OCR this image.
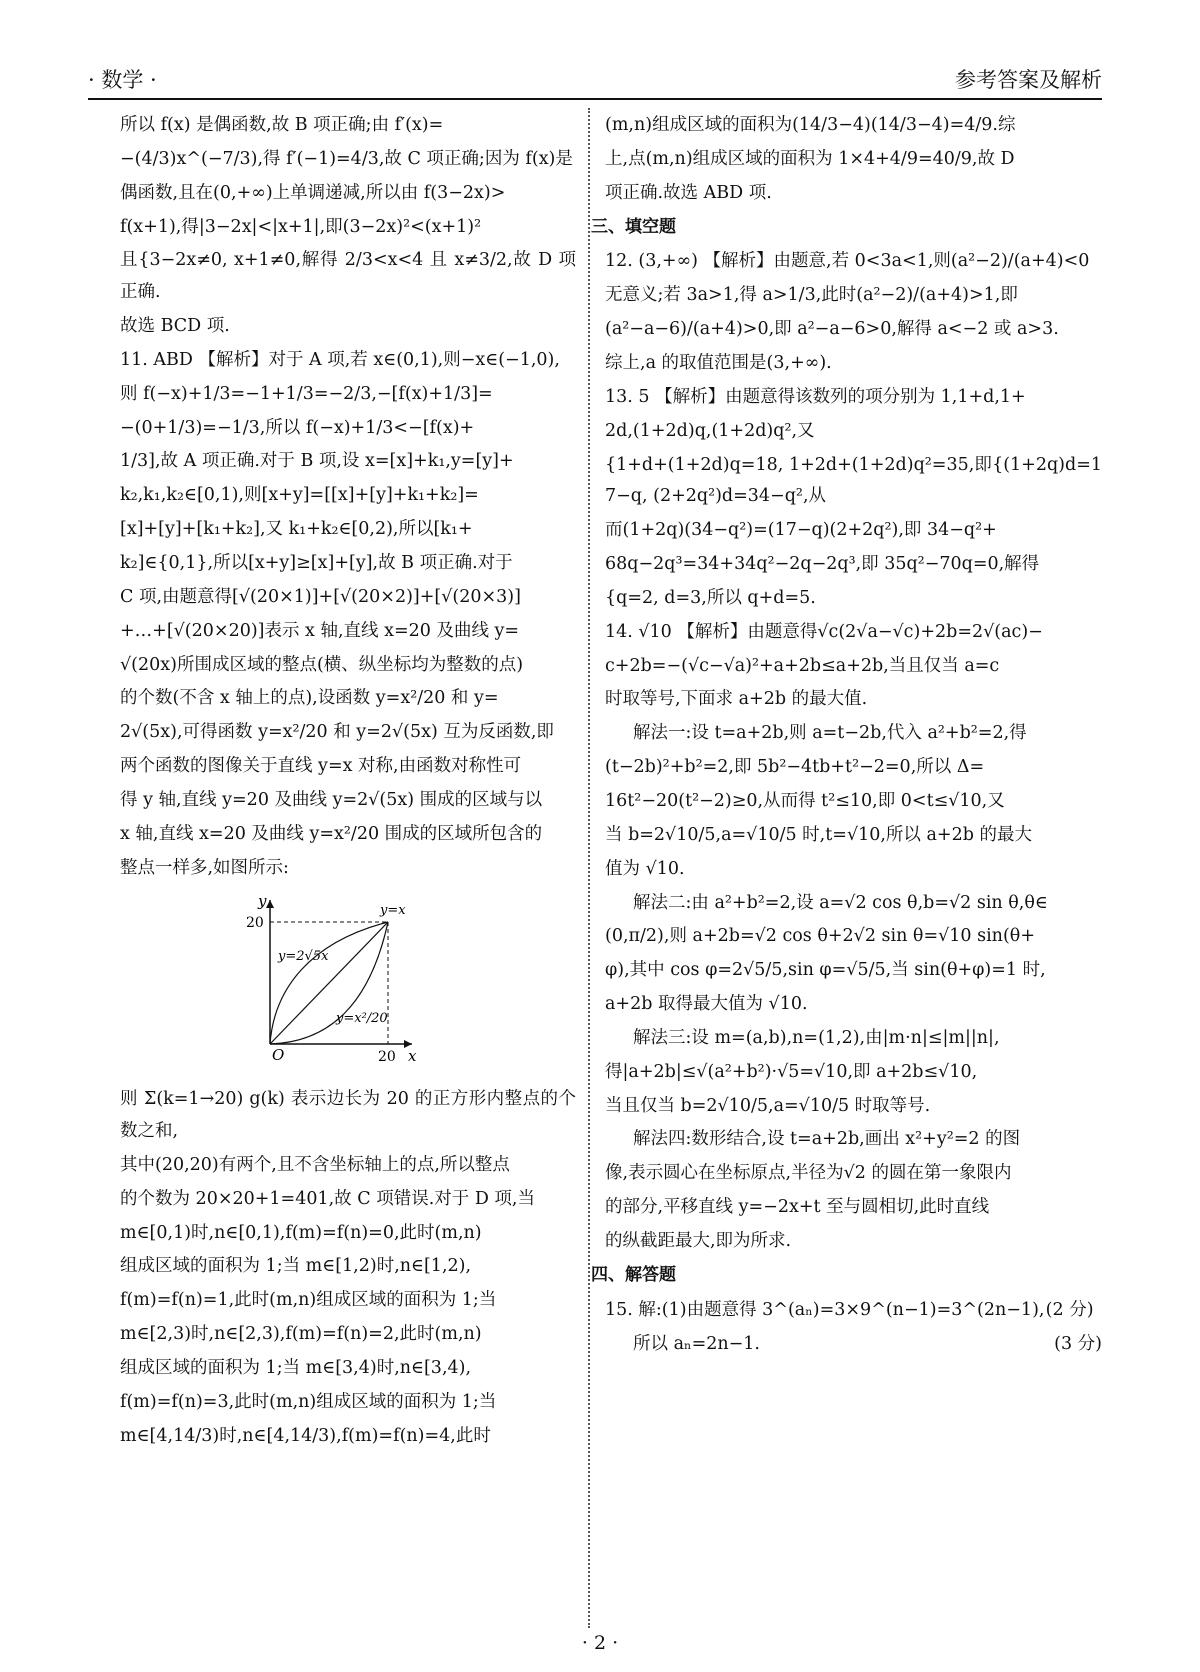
· 数学 ·	参考答案及解析

所以 f(x) 是偶函数,故 B 项正确;由 f′(x)=

−(4/3)x^(−7/3),得 f′(−1)=4/3,故 C 项正确;因为 f(x)是

偶函数,且在(0,+∞)上单调递减,所以由 f(3−2x)>

f(x+1),得|3−2x|<|x+1|,即(3−2x)²<(x+1)²

且{3−2x≠0, x+1≠0,解得 2/3<x<4 且 x≠3/2,故 D 项正确.

故选 BCD 项.

11. ABD 【解析】对于 A 项,若 x∈(0,1),则−x∈(−1,0),

则 f(−x)+1/3=−1+1/3=−2/3,−[f(x)+1/3]=

−(0+1/3)=−1/3,所以 f(−x)+1/3<−[f(x)+

1/3],故 A 项正确.对于 B 项,设 x=[x]+k₁,y=[y]+

k₂,k₁,k₂∈[0,1),则[x+y]=[[x]+[y]+k₁+k₂]=

[x]+[y]+[k₁+k₂],又 k₁+k₂∈[0,2),所以[k₁+

k₂]∈{0,1},所以[x+y]≥[x]+[y],故 B 项正确.对于

C 项,由题意得[√(20×1)]+[√(20×2)]+[√(20×3)]

+…+[√(20×20)]表示 x 轴,直线 x=20 及曲线 y=

√(20x)所围成区域的整点(横、纵坐标均为整数的点)

的个数(不含 x 轴上的点),设函数 y=x²/20 和 y=

2√(5x),可得函数 y=x²/20 和 y=2√(5x) 互为反函数,即

两个函数的图像关于直线 y=x 对称,由函数对称性可

得 y 轴,直线 y=20 及曲线 y=2√(5x) 围成的区域与以

x 轴,直线 x=20 及曲线 y=x²/20 围成的区域所包含的

整点一样多,如图所示:

y
x
O
20
20
y=x
y=2√5x
y=x²/20

则 Σ(k=1→20) g(k) 表示边长为 20 的正方形内整点的个数之和,

其中(20,20)有两个,且不含坐标轴上的点,所以整点

的个数为 20×20+1=401,故 C 项错误.对于 D 项,当

m∈[0,1)时,n∈[0,1),f(m)=f(n)=0,此时(m,n)

组成区域的面积为 1;当 m∈[1,2)时,n∈[1,2),

f(m)=f(n)=1,此时(m,n)组成区域的面积为 1;当

m∈[2,3)时,n∈[2,3),f(m)=f(n)=2,此时(m,n)

组成区域的面积为 1;当 m∈[3,4)时,n∈[3,4),

f(m)=f(n)=3,此时(m,n)组成区域的面积为 1;当

m∈[4,14/3)时,n∈[4,14/3),f(m)=f(n)=4,此时

(m,n)组成区域的面积为(14/3−4)(14/3−4)=4/9.综

上,点(m,n)组成区域的面积为 1×4+4/9=40/9,故 D

项正确.故选 ABD 项.

三、填空题

12. (3,+∞) 【解析】由题意,若 0<3a<1,则(a²−2)/(a+4)<0

无意义;若 3a>1,得 a>1/3,此时(a²−2)/(a+4)>1,即

(a²−a−6)/(a+4)>0,即 a²−a−6>0,解得 a<−2 或 a>3.

综上,a 的取值范围是(3,+∞).

13. 5 【解析】由题意得该数列的项分别为 1,1+d,1+

2d,(1+2d)q,(1+2d)q²,又

{1+d+(1+2d)q=18, 1+2d+(1+2d)q²=35,即{(1+2q)d=17−q, (2+2q²)d=34−q²,从

而(1+2q)(34−q²)=(17−q)(2+2q²),即 34−q²+

68q−2q³=34+34q²−2q−2q³,即 35q²−70q=0,解得

{q=2, d=3,所以 q+d=5.

14. √10 【解析】由题意得√c(2√a−√c)+2b=2√(ac)−

c+2b=−(√c−√a)²+a+2b≤a+2b,当且仅当 a=c

时取等号,下面求 a+2b 的最大值.

解法一:设 t=a+2b,则 a=t−2b,代入 a²+b²=2,得

(t−2b)²+b²=2,即 5b²−4tb+t²−2=0,所以 Δ=

16t²−20(t²−2)≥0,从而得 t²≤10,即 0<t≤√10,又

当 b=2√10/5,a=√10/5 时,t=√10,所以 a+2b 的最大

值为 √10.

解法二:由 a²+b²=2,设 a=√2 cos θ,b=√2 sin θ,θ∈

(0,π/2),则 a+2b=√2 cos θ+2√2 sin θ=√10 sin(θ+

φ),其中 cos φ=2√5/5,sin φ=√5/5,当 sin(θ+φ)=1 时,

a+2b 取得最大值为 √10.

解法三:设 m=(a,b),n=(1,2),由|m·n|≤|m||n|,

得|a+2b|≤√(a²+b²)·√5=√10,即 a+2b≤√10,

当且仅当 b=2√10/5,a=√10/5 时取等号.

解法四:数形结合,设 t=a+2b,画出 x²+y²=2 的图

像,表示圆心在坐标原点,半径为√2 的圆在第一象限内

的部分,平移直线 y=−2x+t 至与圆相切,此时直线

的纵截距最大,即为所求.

四、解答题

15. 解:(1)由题意得 3^(aₙ)=3×9^(n−1)=3^(2n−1), (2 分)

所以 aₙ=2n−1.	(3 分)

· 2 ·
